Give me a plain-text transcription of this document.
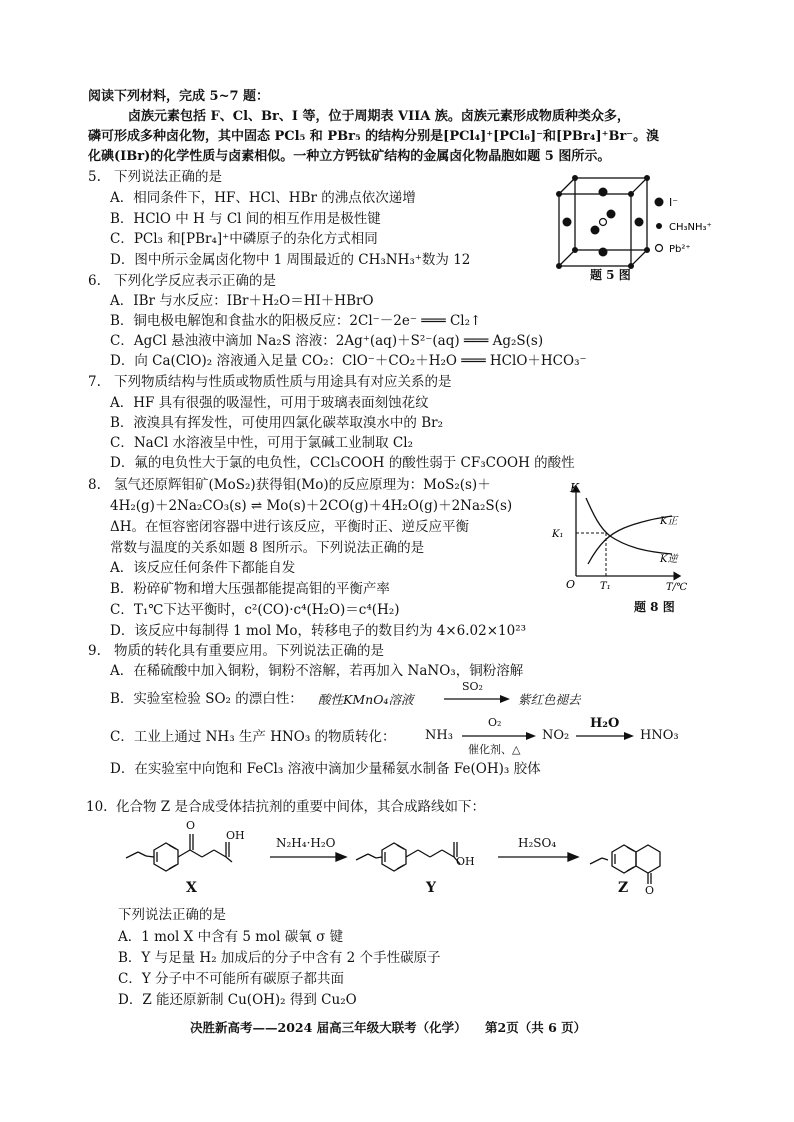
阅读下列材料，完成 5~7 题：
卤族元素包括 F、Cl、Br、I 等，位于周期表 VIIA 族。卤族元素形成物质种类众多，
磷可形成多种卤化物，其中固态 PCl₅ 和 PBr₅ 的结构分别是[PCl₄]⁺[PCl₆]⁻和[PBr₄]⁺Br⁻。溴
化碘(IBr)的化学性质与卤素相似。一种立方钙钛矿结构的金属卤化物晶胞如题 5 图所示。
5. 下列说法正确的是
A．相同条件下，HF、HCl、HBr 的沸点依次递增
B．HClO 中 H 与 Cl 间的相互作用是极性键
C．PCl₃ 和[PBr₄]⁺中磷原子的杂化方式相同
D．图中所示金属卤化物中 1 周围最近的 CH₃NH₃⁺数为 12
I⁻
CH₃NH₃⁺
Pb²⁺
题 5 图
6. 下列化学反应表示正确的是
A．IBr 与水反应：IBr＋H₂O＝HI＋HBrO
B．铜电极电解饱和食盐水的阳极反应：2Cl⁻－2e⁻ ═══ Cl₂↑
C．AgCl 悬浊液中滴加 Na₂S 溶液：2Ag⁺(aq)＋S²⁻(aq) ═══ Ag₂S(s)
D．向 Ca(ClO)₂ 溶液通入足量 CO₂：ClO⁻＋CO₂＋H₂O ═══ HClO＋HCO₃⁻
7. 下列物质结构与性质或物质性质与用途具有对应关系的是
A．HF 具有很强的吸湿性，可用于玻璃表面刻蚀花纹
B．液溴具有挥发性，可使用四氯化碳萃取溴水中的 Br₂
C．NaCl 水溶液呈中性，可用于氯碱工业制取 Cl₂
D．氟的电负性大于氯的电负性，CCl₃COOH 的酸性弱于 CF₃COOH 的酸性
8. 氢气还原辉钼矿(MoS₂)获得钼(Mo)的反应原理为：MoS₂(s)＋
4H₂(g)＋2Na₂CO₃(s) ⇌ Mo(s)＋2CO(g)＋4H₂O(g)＋2Na₂S(s)
ΔH。在恒容密闭容器中进行该反应，平衡时正、逆反应平衡
常数与温度的关系如题 8 图所示。下列说法正确的是
A．该反应任何条件下都能自发
B．粉碎矿物和增大压强都能提高钼的平衡产率
C．T₁℃下达平衡时，c²(CO)·c⁴(H₂O)＝c⁴(H₂)
D．该反应中每制得 1 mol Mo，转移电子的数目约为 4×6.02×10²³
K
O
K₁
T₁
K正
K逆
T/℃
题 8 图
9. 物质的转化具有重要应用。下列说法正确的是
A．在稀硫酸中加入铜粉，铜粉不溶解，若再加入 NaNO₃，铜粉溶解
B．实验室检验 SO₂ 的漂白性： 酸性KMnO₄溶液
SO₂
紫红色褪去
C．工业上通过 NH₃ 生产 HNO₃ 的物质转化： NH₃
O₂
催化剂、△
NO₂
H₂O
HNO₃
D．在实验室中向饱和 FeCl₃ 溶液中滴加少量稀氨水制备 Fe(OH)₃ 胶体
10. 化合物 Z 是合成受体拮抗剂的重要中间体，其合成路线如下：
OH
OH
O
O
N₂H₄·H₂O	H₂SO₄
X	Y	Z
下列说法正确的是
A．1 mol X 中含有 5 mol 碳氧 σ 键
B．Y 与足量 H₂ 加成后的分子中含有 2 个手性碳原子
C．Y 分子中不可能所有碳原子都共面
D．Z 能还原新制 Cu(OH)₂ 得到 Cu₂O
决胜新高考——2024 届高三年级大联考（化学） 第2页（共 6 页）
